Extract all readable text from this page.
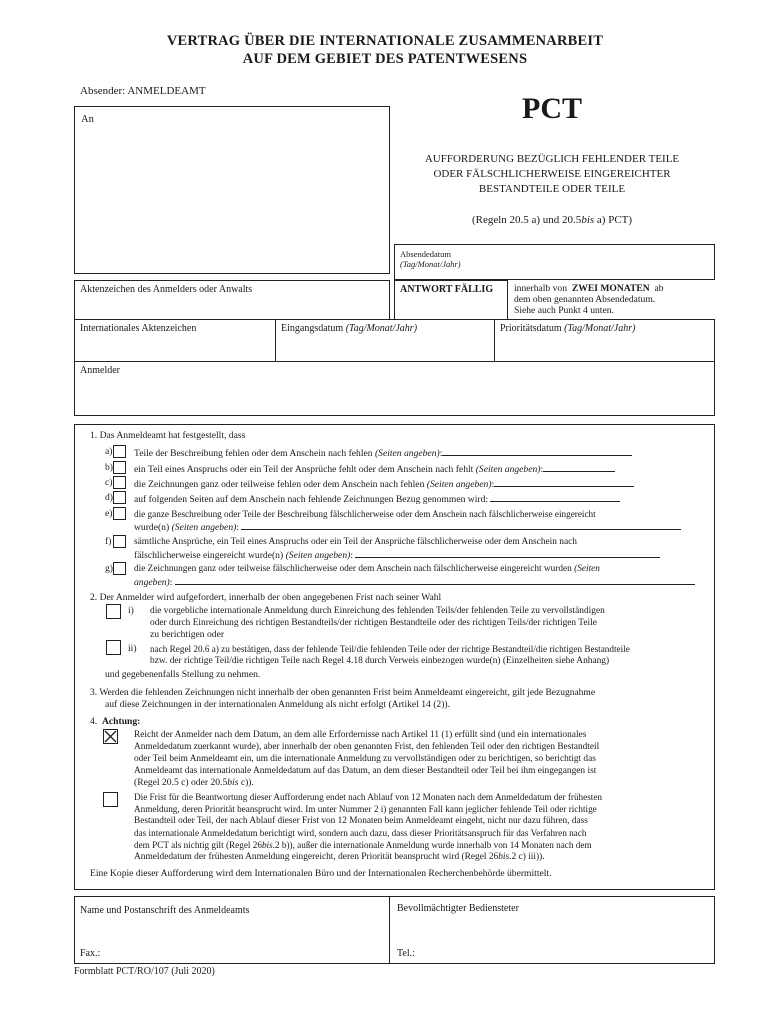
VERTRAG ÜBER DIE INTERNATIONALE ZUSAMMENARBEIT
AUF DEM GEBIET DES PATENTWESENS
Absender: ANMELDEAMT
An	PCT
AUFFORDERUNG BEZÜGLICH FEHLENDER TEILE
ODER FÄLSCHLICHERWEISE EINGEREICHTER
BESTANDTEILE ODER TEILE
(Regeln 20.5 a) und 20.5bis a) PCT)
Absendedatum
(Tag/Monat/Jahr)
Aktenzeichen des Anmelders oder Anwalts	ANTWORT FÄLLIG innerhalb von ZWEI MONATEN ab
dem oben genannten Absendedatum.
Siehe auch Punkt 4 unten.
Internationales Aktenzeichen	Eingangsdatum (Tag/Monat/Jahr)	Prioritätsdatum (Tag/Monat/Jahr)
Anmelder
1. Das Anmeldeamt hat festgestellt, dass
a) Teile der Beschreibung fehlen oder dem Anschein nach fehlen (Seiten angeben):
b) ein Teil eines Anspruchs oder ein Teil der Ansprüche fehlt oder dem Anschein nach fehlt (Seiten angeben):
c) die Zeichnungen ganz oder teilweise fehlen oder dem Anschein nach fehlen (Seiten angeben):
d) auf folgenden Seiten auf dem Anschein nach fehlende Zeichnungen Bezug genommen wird:
e) die ganze Beschreibung oder Teile der Beschreibung fälschlicherweise oder dem Anschein nach fälschlicherweise eingereicht
wurde(n) (Seiten angeben):
f) sämtliche Ansprüche, ein Teil eines Anspruchs oder ein Teil der Ansprüche fälschlicherweise oder dem Anschein nach
fälschlicherweise eingereicht wurde(n) (Seiten angeben):
g) die Zeichnungen ganz oder teilweise fälschlicherweise oder dem Anschein nach fälschlicherweise eingereicht wurden (Seiten
angeben):
2. Der Anmelder wird aufgefordert, innerhalb der oben angegebenen Frist nach seiner Wahl
i) die vorgebliche internationale Anmeldung durch Einreichung des fehlenden Teils/der fehlenden Teile zu vervollständigen
oder durch Einreichung des richtigen Bestandteils/der richtigen Bestandteile oder des richtigen Teils/der richtigen Teile
zu berichtigen oder
ii) nach Regel 20.6 a) zu bestätigen, dass der fehlende Teil/die fehlenden Teile oder der richtige Bestandteil/die richtigen Bestandteile
bzw. der richtige Teil/die richtigen Teile nach Regel 4.18 durch Verweis einbezogen wurde(n) (Einzelheiten siehe Anhang)
und gegebenenfalls Stellung zu nehmen.
3. Werden die fehlenden Zeichnungen nicht innerhalb der oben genannten Frist beim Anmeldeamt eingereicht, gilt jede Bezugnahme
auf diese Zeichnungen in der internationalen Anmeldung als nicht erfolgt (Artikel 14 (2)).
4. Achtung:
Reicht der Anmelder nach dem Datum, an dem alle Erfordernisse nach Artikel 11 (1) erfüllt sind (und ein internationales
Anmeldedatum zuerkannt wurde), aber innerhalb der oben genannten Frist, den fehlenden Teil oder den richtigen Bestandteil
oder Teil beim Anmeldeamt ein, um die internationale Anmeldung zu vervollständigen oder zu berichtigen, so berichtigt das
Anmeldeamt das internationale Anmeldedatum auf das Datum, an dem dieser Bestandteil oder Teil bei ihm eingegangen ist
(Regel 20.5 c) oder 20.5bis c)).
Die Frist für die Beantwortung dieser Aufforderung endet nach Ablauf von 12 Monaten nach dem Anmeldedatum der frühesten
Anmeldung, deren Priorität beansprucht wird. Im unter Nummer 2 i) genannten Fall kann jeglicher fehlende Teil oder richtige
Bestandteil oder Teil, der nach Ablauf dieser Frist von 12 Monaten beim Anmeldeamt eingeht, nicht nur dazu führen, dass
das internationale Anmeldedatum berichtigt wird, sondern auch dazu, dass dieser Prioritätsanspruch für das Verfahren nach
dem PCT als nichtig gilt (Regel 26bis.2 b)), außer die internationale Anmeldung wurde innerhalb von 14 Monaten nach dem
Anmeldedatum der frühesten Anmeldung eingereicht, deren Priorität beansprucht wird (Regel 26bis.2 c) iii)).
Eine Kopie dieser Aufforderung wird dem Internationalen Büro und der Internationalen Recherchenbehörde übermittelt.
Name und Postanschrift des Anmeldeamts	Bevollmächtigter Bediensteter
Fax.:	Tel.:
Formblatt PCT/RO/107 (Juli 2020)
